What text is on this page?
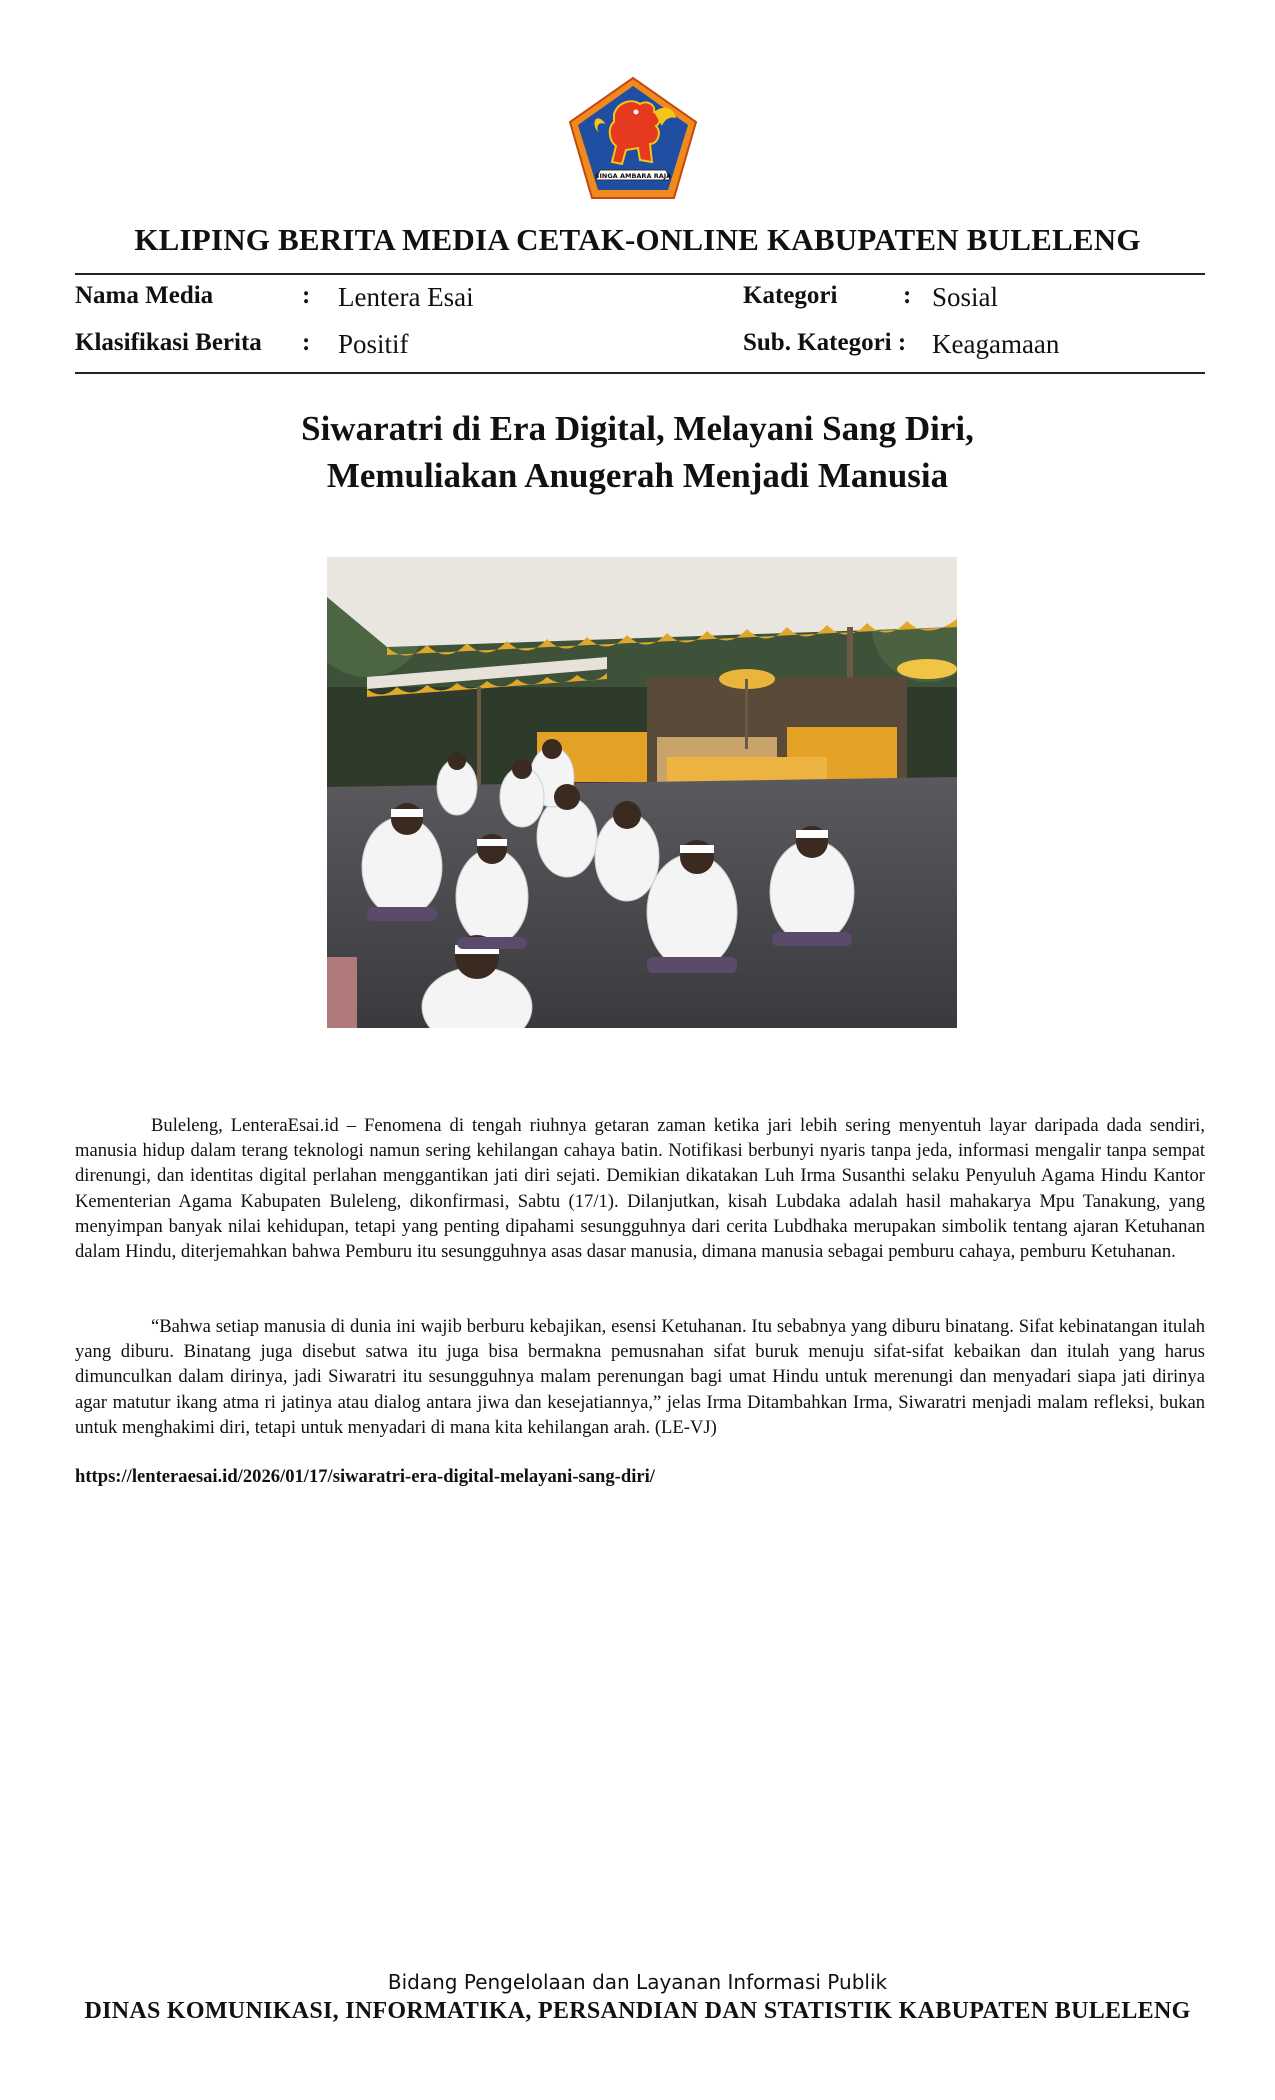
SINGA AMBARA RAJA
KLIPING BERITA MEDIA CETAK-ONLINE KABUPATEN BULELENG
Nama Media	: Lentera Esai	Kategori	: Sosial
Klasifikasi Berita : Positif	Sub. Kategori : Keagamaan
Siwaratri di Era Digital, Melayani Sang Diri,
Memuliakan Anugerah Menjadi Manusia

Buleleng, LenteraEsai.id – Fenomena di tengah riuhnya getaran zaman ketika jari lebih sering menyentuh layar daripada dada sendiri, manusia hidup dalam terang teknologi namun sering kehilangan cahaya batin. Notifikasi berbunyi nyaris tanpa jeda, informasi mengalir tanpa sempat direnungi, dan identitas digital perlahan menggantikan jati diri sejati. Demikian dikatakan Luh Irma Susanthi selaku Penyuluh Agama Hindu Kantor Kementerian Agama Kabupaten Buleleng, dikonfirmasi, Sabtu (17/1). Dilanjutkan, kisah Lubdaka adalah hasil mahakarya Mpu Tanakung, yang menyimpan banyak nilai kehidupan, tetapi yang penting dipahami sesungguhnya dari cerita Lubdhaka merupakan simbolik tentang ajaran Ketuhanan dalam Hindu, diterjemahkan bahwa Pemburu itu sesungguhnya asas dasar manusia, dimana manusia sebagai pemburu cahaya, pemburu Ketuhanan.

“Bahwa setiap manusia di dunia ini wajib berburu kebajikan, esensi Ketuhanan. Itu sebabnya yang diburu binatang. Sifat kebinatangan itulah yang diburu. Binatang juga disebut satwa itu juga bisa bermakna pemusnahan sifat buruk menuju sifat-sifat kebaikan dan itulah yang harus dimunculkan dalam dirinya, jadi Siwaratri itu sesungguhnya malam perenungan bagi umat Hindu untuk merenungi dan menyadari siapa jati dirinya agar matutur ikang atma ri jatinya atau dialog antara jiwa dan kesejatiannya,” jelas Irma Ditambahkan Irma, Siwaratri menjadi malam refleksi, bukan untuk menghakimi diri, tetapi untuk menyadari di mana kita kehilangan arah. (LE-VJ)

https://lenteraesai.id/2026/01/17/siwaratri-era-digital-melayani-sang-diri/
Bidang Pengelolaan dan Layanan Informasi Publik
DINAS KOMUNIKASI, INFORMATIKA, PERSANDIAN DAN STATISTIK KABUPATEN BULELENG
